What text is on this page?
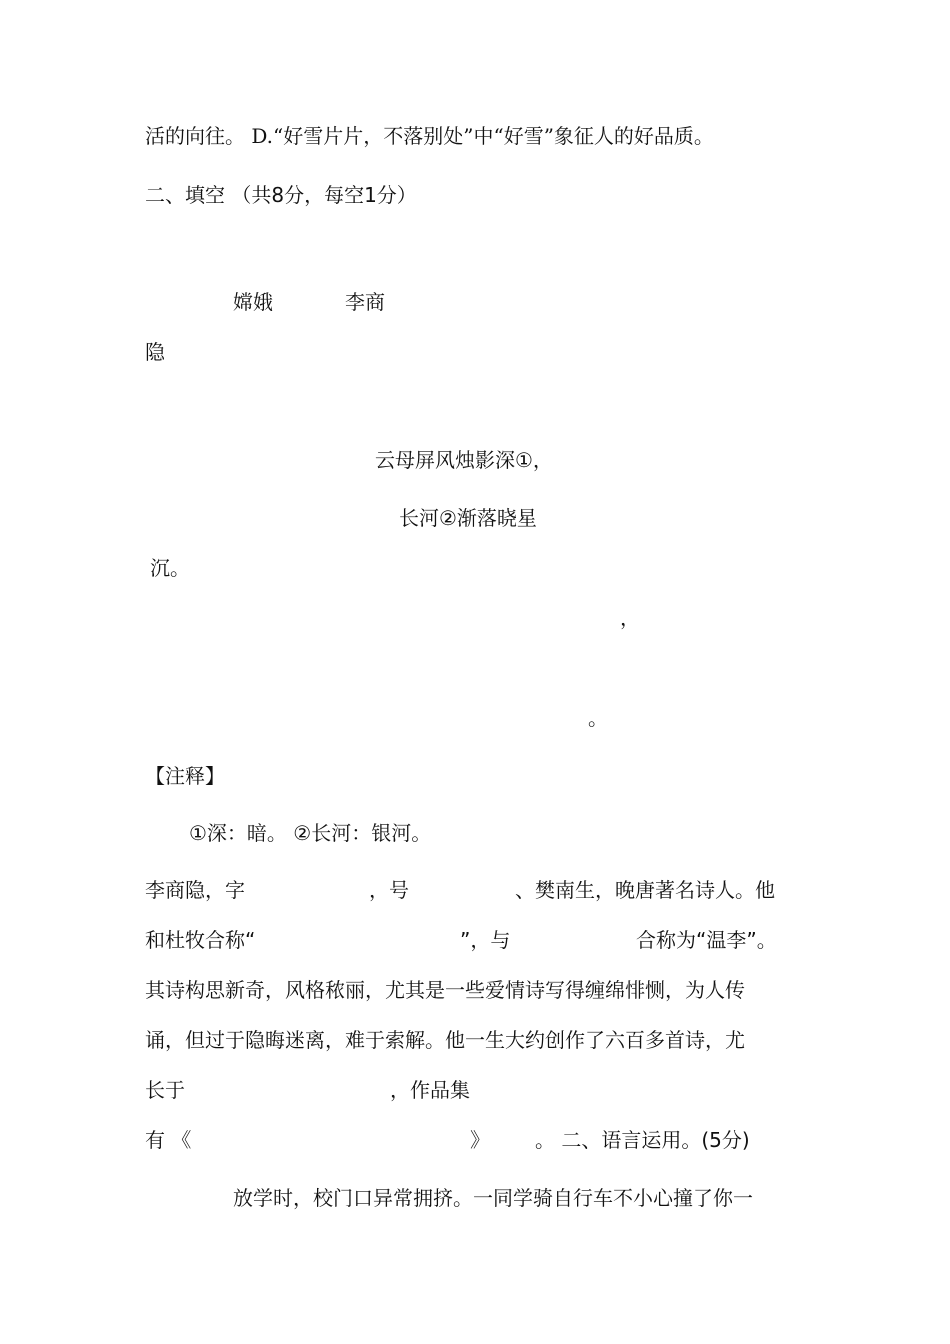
活的向往。 D.“好雪片片，不落别处”中“好雪”象征人的好品质。
二、填空 （共8分，每空1分）
嫦娥	李商
隐
云母屏风烛影深①，
长河②渐落晓星
沉。
，
。
【注释】
①深：暗。 ②长河：银河。
李商隐，字	，号	、樊南生，晚唐著名诗人。他
和杜牧合称“	”，与	合称为“温李”。
其诗构思新奇，风格秾丽，尤其是一些爱情诗写得缠绵悱恻，为人传
诵，但过于隐晦迷离，难于索解。他一生大约创作了六百多首诗，尤
长于	，作品集
有 《	》 。 二、语言运用。(5分)
放学时，校门口异常拥挤。一同学骑自行车不小心撞了你一
